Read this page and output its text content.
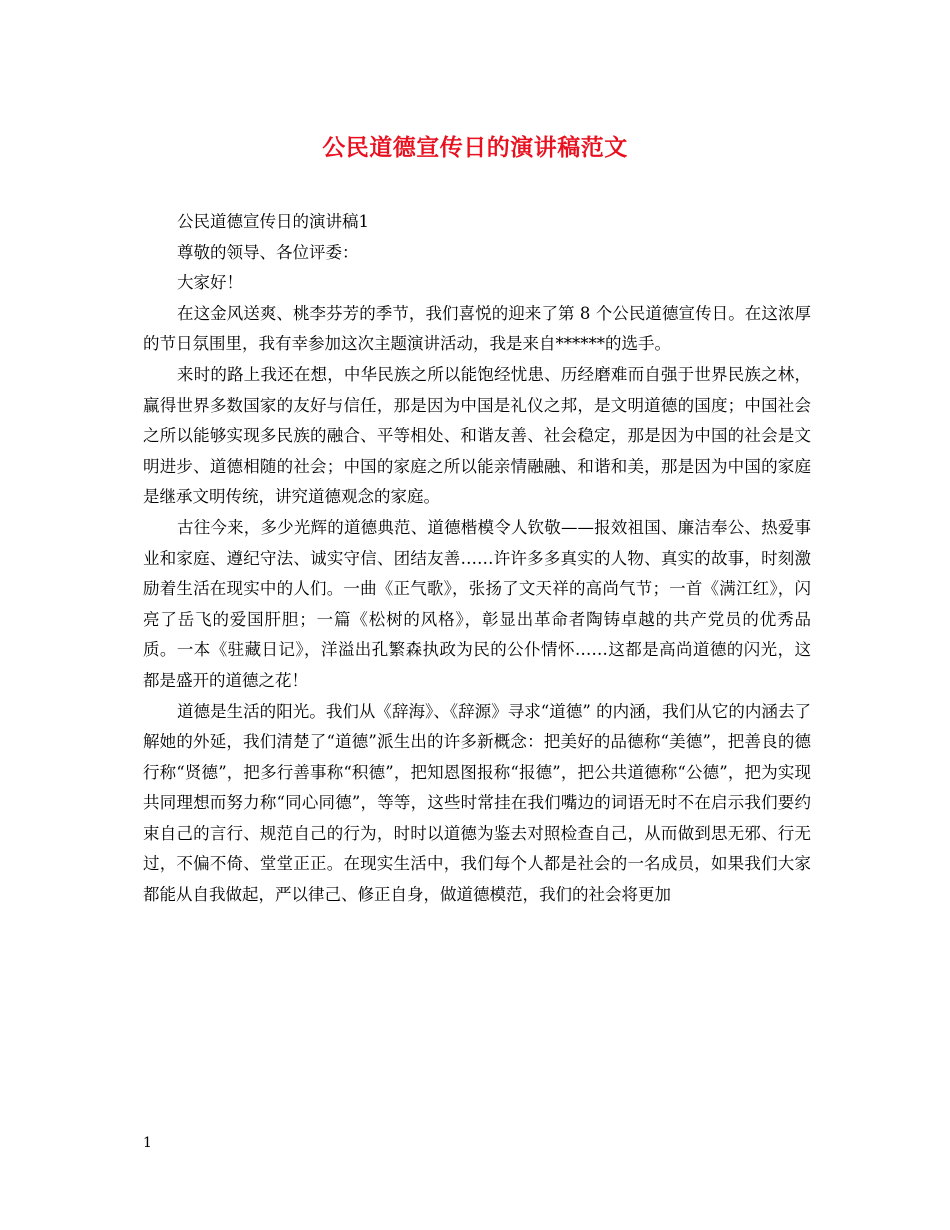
公民道德宣传日的演讲稿范文

公民道德宣传日的演讲稿1

尊敬的领导、各位评委：

大家好！

在这金风送爽、桃李芬芳的季节，我们喜悦的迎来了第 8 个公民道德宣传日。在这浓厚的节日氛围里，我有幸参加这次主题演讲活动，我是来自******的选手。

来时的路上我还在想，中华民族之所以能饱经忧患、历经磨难而自强于世界民族之林，赢得世界多数国家的友好与信任，那是因为中国是礼仪之邦，是文明道德的国度；中国社会之所以能够实现多民族的融合、平等相处、和谐友善、社会稳定，那是因为中国的社会是文明进步、道德相随的社会；中国的家庭之所以能亲情融融、和谐和美，那是因为中国的家庭是继承文明传统，讲究道德观念的家庭。

古往今来，多少光辉的道德典范、道德楷模令人钦敬——报效祖国、廉洁奉公、热爱事业和家庭、遵纪守法、诚实守信、团结友善……许许多多真实的人物、真实的故事，时刻激励着生活在现实中的人们。一曲《正气歌》，张扬了文天祥的高尚气节；一首《满江红》，闪亮了岳飞的爱国肝胆；一篇《松树的风格》，彰显出革命者陶铸卓越的共产党员的优秀品质。一本《驻藏日记》，洋溢出孔繁森执政为民的公仆情怀……这都是高尚道德的闪光，这都是盛开的道德之花！

道德是生活的阳光。我们从《辞海》、《辞源》寻求“道德” 的内涵，我们从它的内涵去了解她的外延，我们清楚了“道德”派生出的许多新概念：把美好的品德称“美德”，把善良的德行称“贤德”，把多行善事称“积德”，把知恩图报称“报德”，把公共道德称“公德”，把为实现共同理想而努力称“同心同德”，等等，这些时常挂在我们嘴边的词语无时不在启示我们要约束自己的言行、规范自己的行为，时时以道德为鉴去对照检查自己，从而做到思无邪、行无过，不偏不倚、堂堂正正。在现实生活中，我们每个人都是社会的一名成员，如果我们大家都能从自我做起，严以律己、修正自身，做道德模范，我们的社会将更加

1
